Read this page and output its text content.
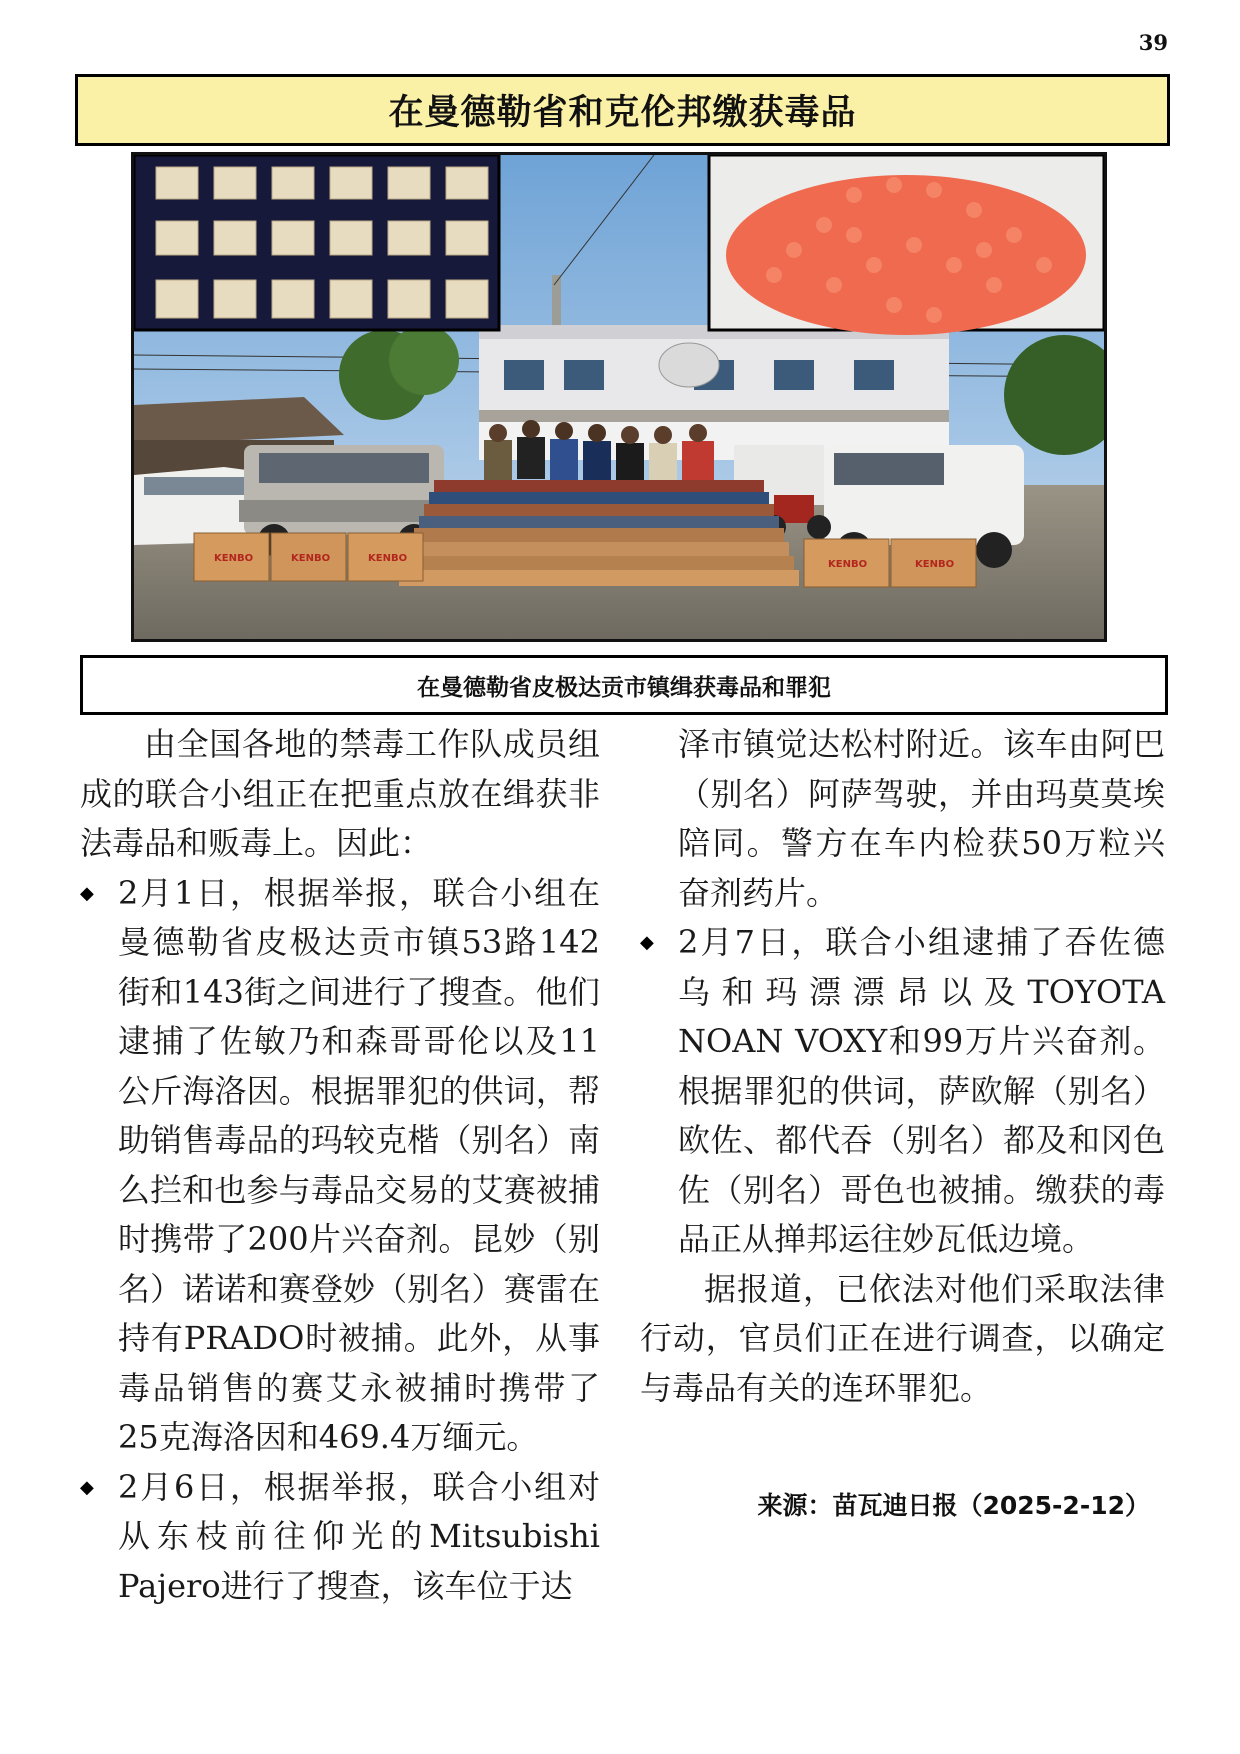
39
在曼德勒省和克伦邦缴获毒品
KENBO	KENBO	KENBO
KENBO	KENBO
在曼德勒省皮极达贡市镇缉获毒品和罪犯

由全国各地的禁毒工作队成员组成的联合小组正在把重点放在缉获非法毒品和贩毒上。因此：

◆ 2月1日，根据举报，联合小组在曼德勒省皮极达贡市镇53路142街和143街之间进行了搜查。他们逮捕了佐敏乃和森哥哥伦以及11公斤海洛因。根据罪犯的供词，帮助销售毒品的玛较克楷（别名）南么拦和也参与毒品交易的艾赛被捕时携带了200片兴奋剂。昆妙（别名）诺诺和赛登妙（别名）赛雷在持有PRADO时被捕。此外，从事毒品销售的赛艾永被捕时携带了25克海洛因和469.4万缅元。
◆ 2月6日，根据举报，联合小组对从东枝前往仰光的Mitsubishi Pajero进行了搜查，该车位于达
泽市镇觉达松村附近。该车由阿巴（别名）阿萨驾驶，并由玛莫莫埃陪同。警方在车内检获50万粒兴奋剂药片。
◆ 2月7日，联合小组逮捕了吞佐德乌和玛漂漂昂以及TOYOTA NOAN VOXY和99万片兴奋剂。根据罪犯的供词，萨欧解（别名）欧佐、都代吞（别名）都及和冈色佐（别名）哥色也被捕。缴获的毒品正从掸邦运往妙瓦低边境。

据报道，已依法对他们采取法律行动，官员们正在进行调查，以确定与毒品有关的连环罪犯。

来源：苗瓦迪日报（2025-2-12）
